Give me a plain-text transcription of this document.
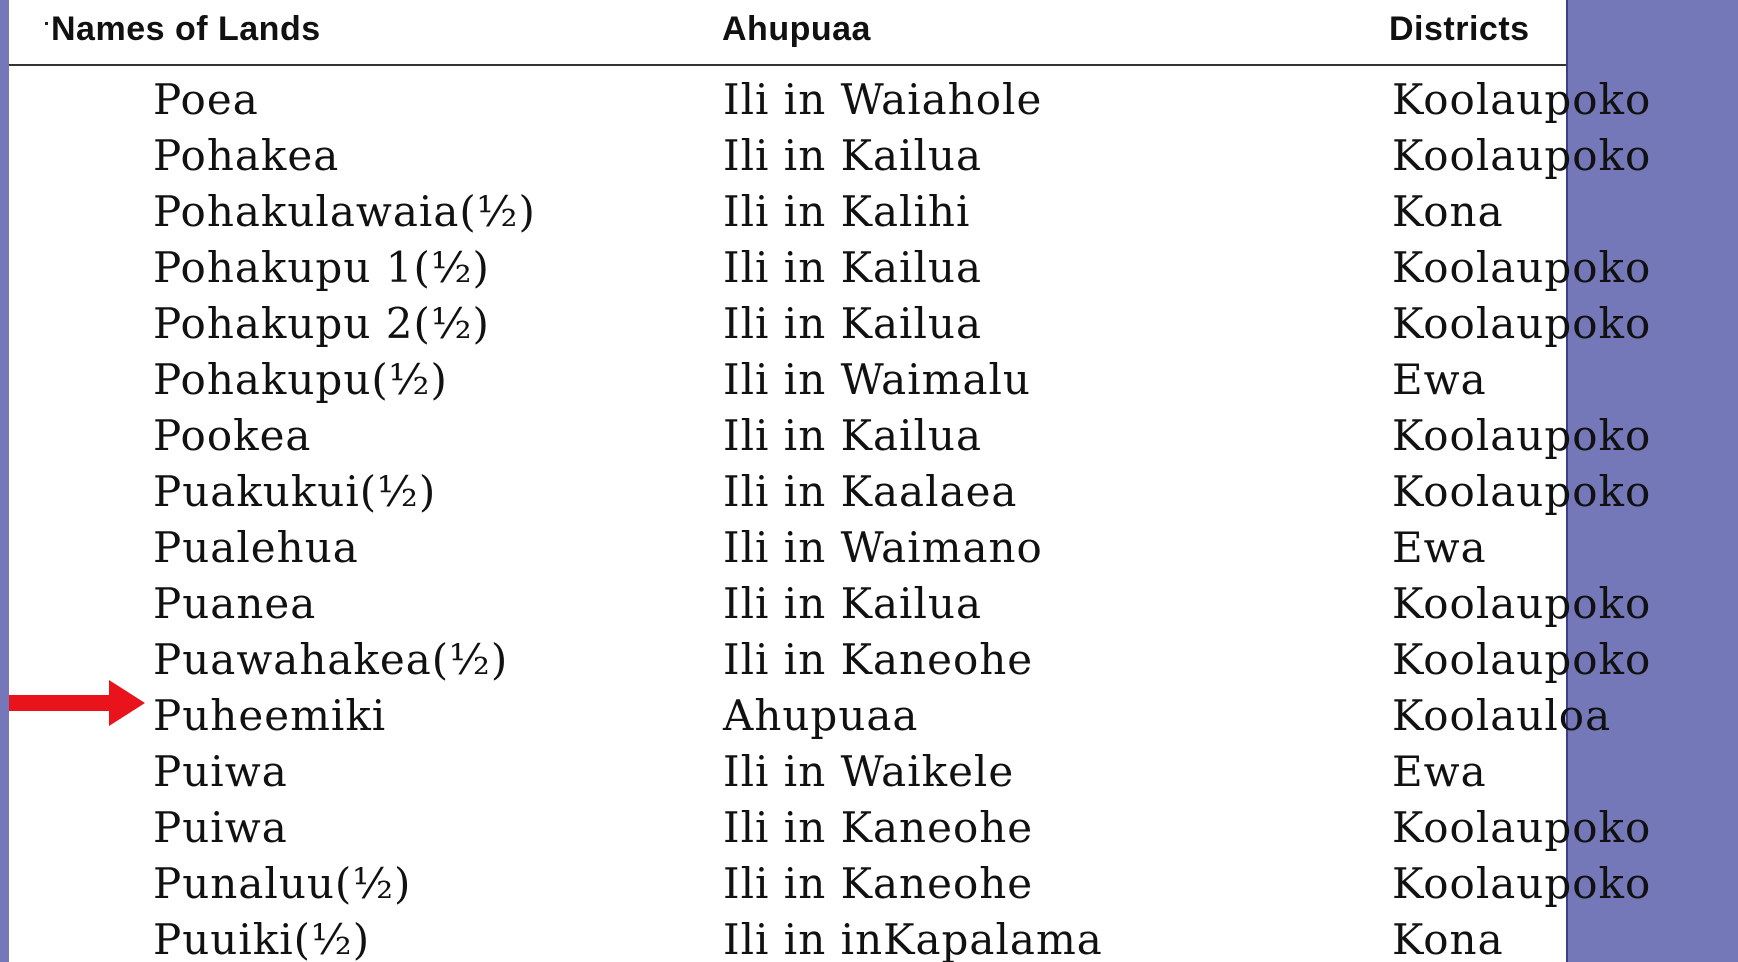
Names of Lands	Ahupuaa	Districts
Poea	Ili in Waiahole	Koolaupoko
Pohakea	Ili in Kailua	Koolaupoko
Pohakulawaia(½)	Ili in Kalihi	Kona
Pohakupu 1(½)	Ili in Kailua	Koolaupoko
Pohakupu 2(½)	Ili in Kailua	Koolaupoko
Pohakupu(½)	Ili in Waimalu	Ewa
Pookea	Ili in Kailua	Koolaupoko
Puakukui(½)	Ili in Kaalaea	Koolaupoko
Pualehua	Ili in Waimano	Ewa
Puanea	Ili in Kailua	Koolaupoko
Puawahakea(½)	Ili in Kaneohe	Koolaupoko
Puheemiki	Ahupuaa	Koolauloa
Puiwa	Ili in Waikele	Ewa
Puiwa	Ili in Kaneohe	Koolaupoko
Punaluu(½)	Ili in Kaneohe	Koolaupoko
Puuiki(½)	Ili in inKapalama	Kona
